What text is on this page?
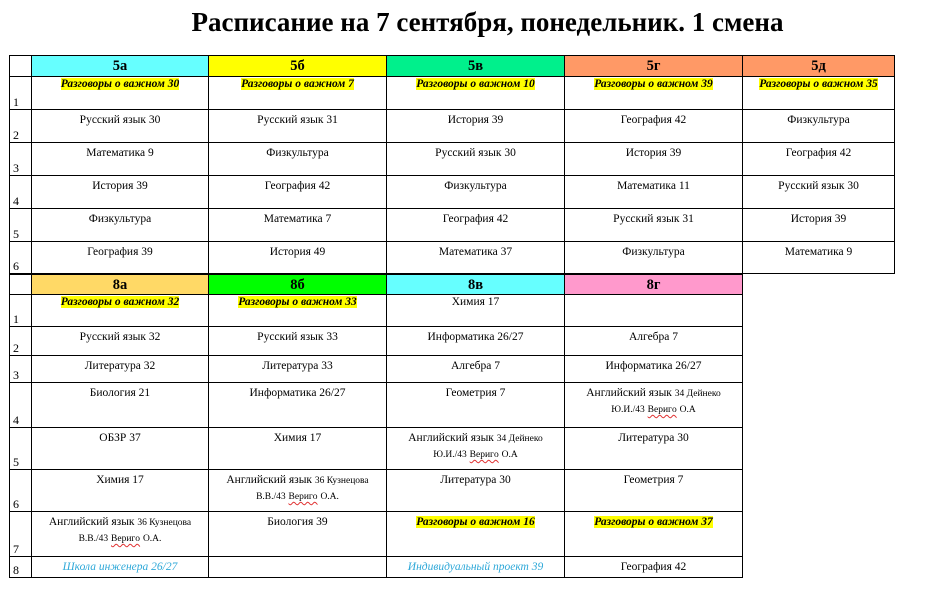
Расписание на 7 сентября, понедельник. 1 смена
	5а	5б	5в	5г	5д
1	Разговоры о важном 30	Разговоры о важном 7	Разговоры о важном 10	Разговоры о важном 39	Разговоры о важном 35
2	Русский язык 30	Русский язык 31	История 39	География 42	Физкультура
3	Математика 9	Физкультура	Русский язык 30	История 39	География 42
4	История 39	География 42	Физкультура	Математика 11	Русский язык 30
5	Физкультура	Математика 7	География 42	Русский язык 31	История 39
6	География 39	История 49	Математика 37	Физкультура	Математика 9
	8а	8б	8в	8г
1	Разговоры о важном 32	Разговоры о важном 33	Химия 17	
2	Русский язык 32	Русский язык 33	Информатика 26/27	Алгебра 7
3	Литература 32	Литература 33	Алгебра 7	Информатика 26/27
4	Биология 21	Информатика 26/27	Геометрия 7	Английский язык 34 Дейнеко
Ю.И./43 Веригo О.А
5	ОБЗР 37	Химия 17	Английский язык 34 Дейнеко
Ю.И./43 Веригo О.А	Литература 30
6	Химия 17	Английский язык 36 Кузнецова
В.В./43 Веригo О.А.	Литература 30	Геометрия 7
7	Английский язык 36 Кузнецова
В.В./43 Веригo О.А.	Биология 39	Разговоры о важном 16	Разговоры о важном 37
8	Школа инженера 26/27		Индивидуальный проект 39	География 42
